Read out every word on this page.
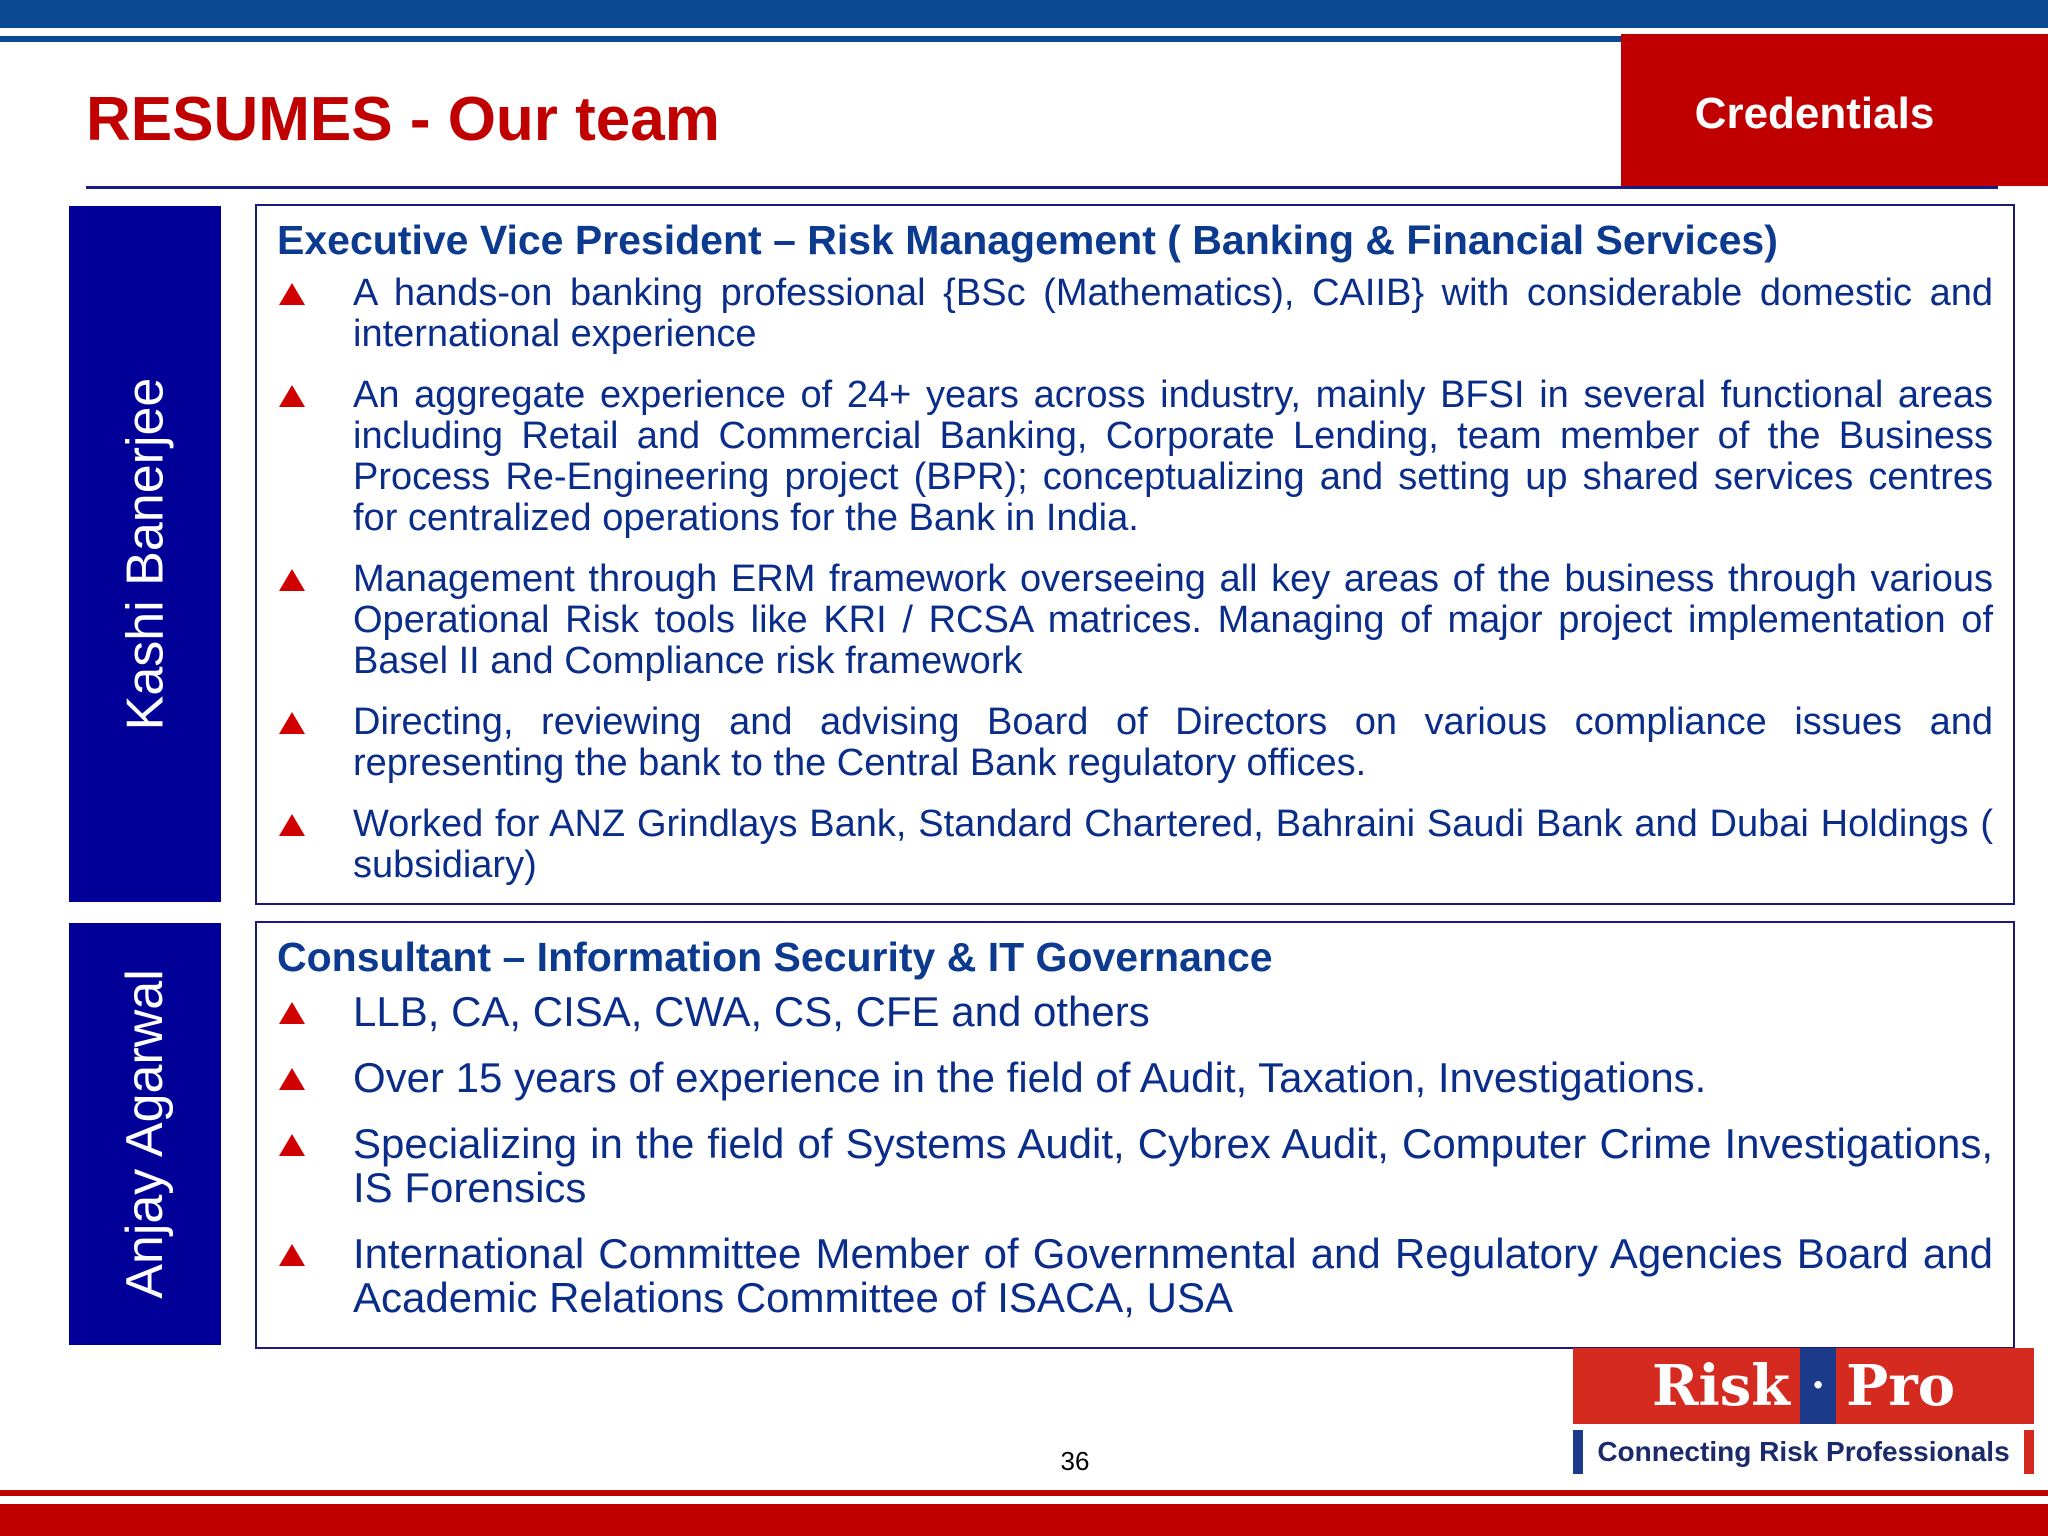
Credentials
RESUMES - Our team
Kashi Banerjee
Executive Vice President – Risk Management ( Banking & Financial Services)
A hands-on banking professional {BSc (Mathematics), CAIIB} with considerable domestic and international experience
An aggregate experience of 24+ years across industry, mainly BFSI in several functional areas including Retail and Commercial Banking, Corporate Lending, team member of the Business Process Re-Engineering project (BPR); conceptualizing and setting up shared services centres for centralized operations for the Bank in India.
Management through ERM framework overseeing all key areas of the business through various Operational Risk tools like KRI / RCSA matrices. Managing of major project implementation of Basel II and Compliance risk framework
Directing, reviewing and advising Board of Directors on various compliance issues and representing the bank to the Central Bank regulatory offices.
Worked for ANZ Grindlays Bank, Standard Chartered, Bahraini Saudi Bank and Dubai Holdings ( subsidiary)
Anjay Agarwal
Consultant – Information Security & IT Governance
LLB, CA, CISA, CWA, CS, CFE and others
Over 15 years of experience in the field of Audit, Taxation, Investigations.
Specializing in the field of Systems Audit, Cybrex Audit, Computer Crime Investigations, IS Forensics
International Committee Member of Governmental and Regulatory Agencies Board and Academic Relations Committee of ISACA, USA
Risk · Pro
Connecting Risk Professionals
36
